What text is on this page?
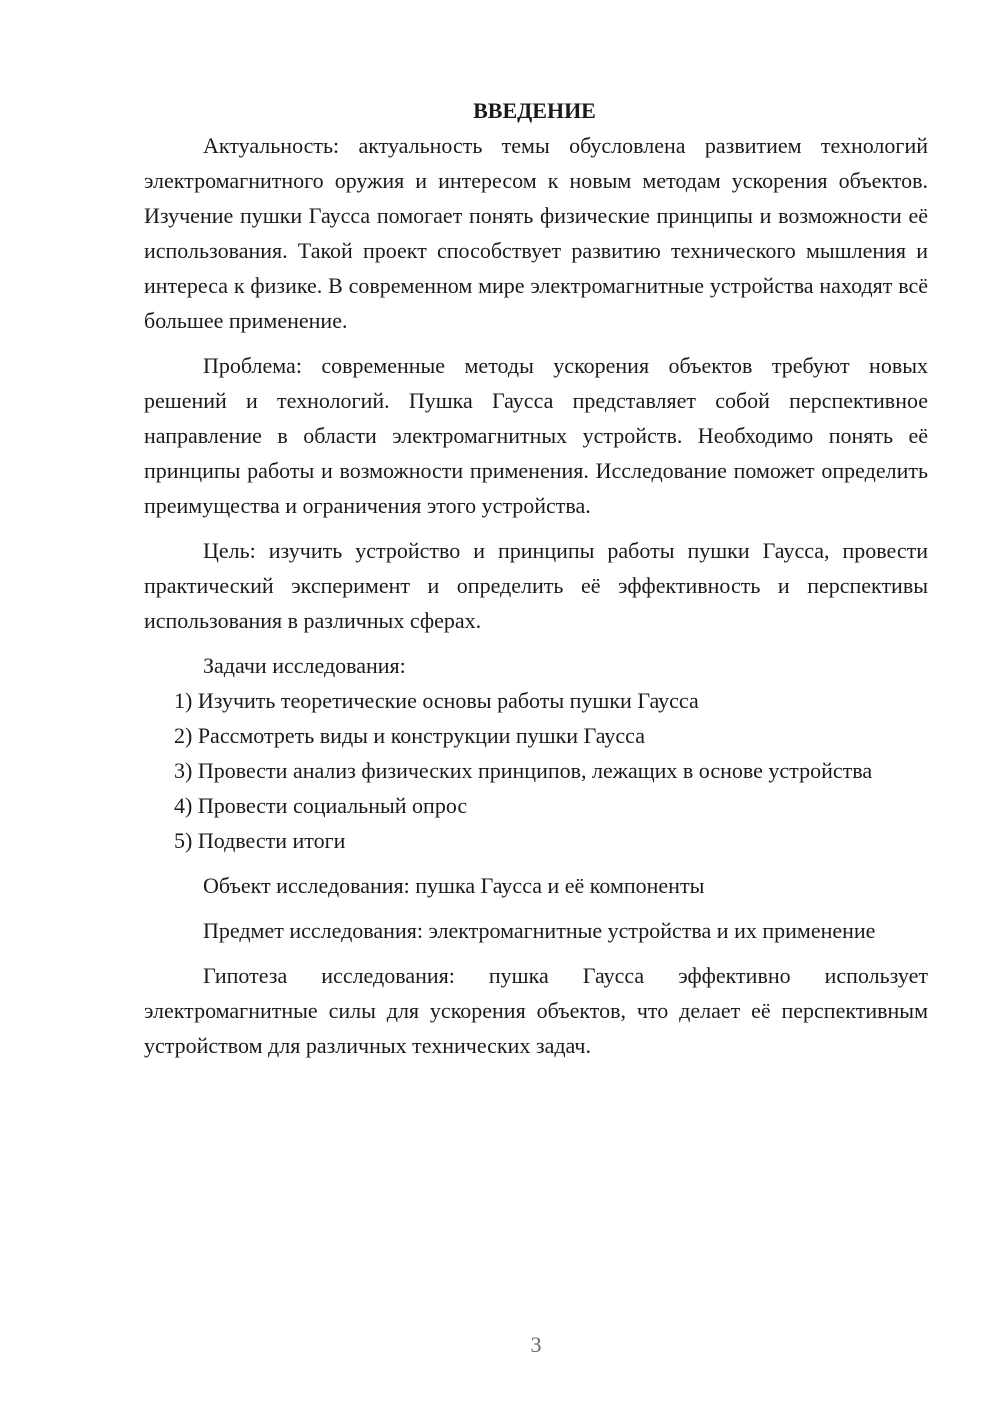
ВВЕДЕНИЕ

Актуальность: актуальность темы обусловлена развитием технологий электромагнитного оружия и интересом к новым методам ускорения объектов. Изучение пушки Гаусса помогает понять физические принципы и возможности её использования. Такой проект способствует развитию технического мышления и интереса к физике. В современном мире электромагнитные устройства находят всё большее применение.

Проблема: современные методы ускорения объектов требуют новых решений и технологий. Пушка Гаусса представляет собой перспективное направление в области электромагнитных устройств. Необходимо понять её принципы работы и возможности применения. Исследование поможет определить преимущества и ограничения этого устройства.

Цель: изучить устройство и принципы работы пушки Гаусса, провести практический эксперимент и определить её эффективность и перспективы использования в различных сферах.

Задачи исследования:

1) Изучить теоретические основы работы пушки Гаусса

2) Рассмотреть виды и конструкции пушки Гаусса

3) Провести анализ физических принципов, лежащих в основе устройства

4) Провести социальный опрос

5) Подвести итоги

Объект исследования: пушка Гаусса и её компоненты

Предмет исследования: электромагнитные устройства и их применение

Гипотеза исследования: пушка Гаусса эффективно использует электромагнитные силы для ускорения объектов, что делает её перспективным устройством для различных технических задач.

3
